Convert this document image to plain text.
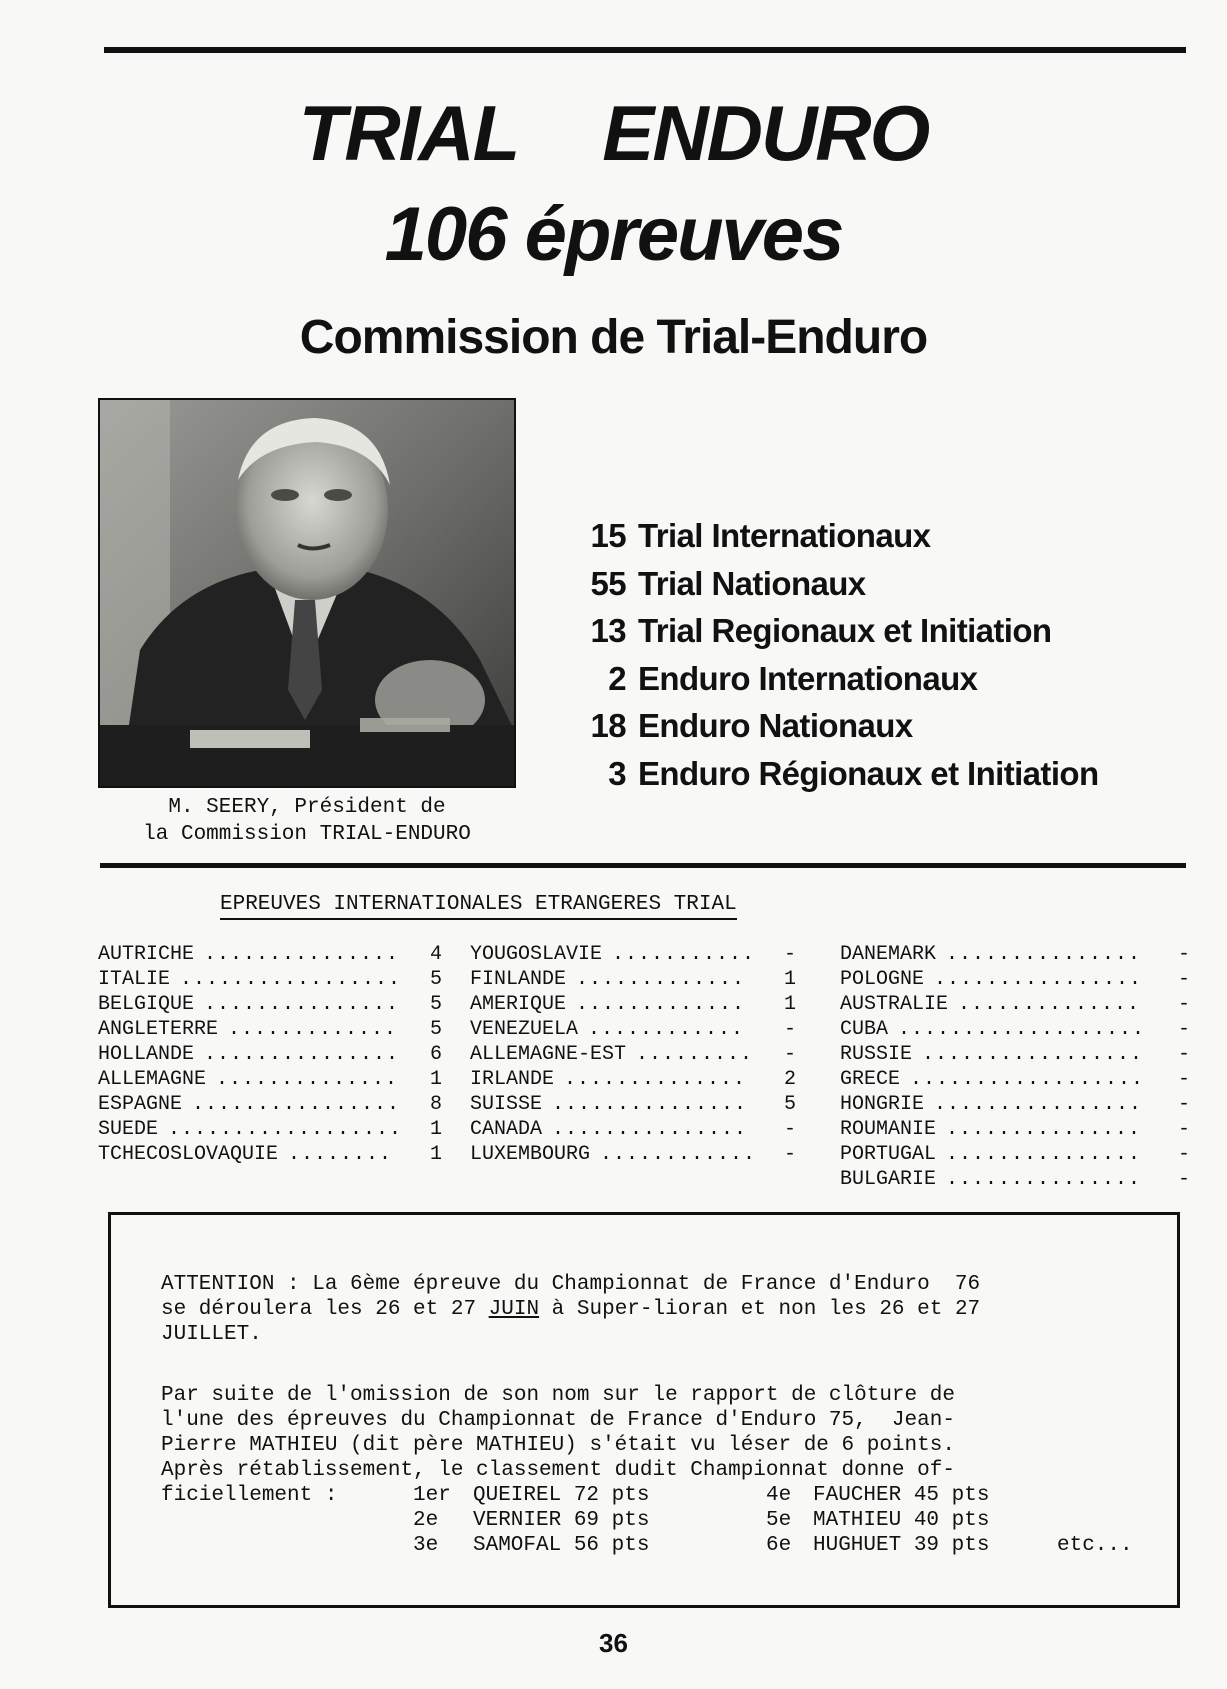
TRIAL ENDURO
106 épreuves
Commission de Trial-Enduro
M. SEERY, Président de
la Commission TRIAL-ENDURO
15 Trial Internationaux
55 Trial Nationaux
13 Trial Regionaux et Initiation
2 Enduro Internationaux
18 Enduro Nationaux
3 Enduro Régionaux et Initiation
EPREUVES INTERNATIONALES ETRANGERES TRIAL
AUTRICHE ............... 4
ITALIE ................. 5
BELGIQUE ............... 5
ANGLETERRE ............. 5
HOLLANDE ............... 6
ALLEMAGNE .............. 1
ESPAGNE ................ 8
SUEDE .................. 1
TCHECOSLOVAQUIE ........ 1
YOUGOSLAVIE ........... -
FINLANDE ............. 1
AMERIQUE ............. 1
VENEZUELA ............ -
ALLEMAGNE-EST ......... -
IRLANDE .............. 2
SUISSE ............... 5
CANADA ............... -
LUXEMBOURG ............ -
DANEMARK ............... -
POLOGNE ................ -
AUSTRALIE .............. -
CUBA ................... -
RUSSIE ................. -
GRECE .................. -
HONGRIE ................ -
ROUMANIE ............... -
PORTUGAL ............... -
BULGARIE ............... -
ATTENTION : La 6ème épreuve du Championnat de France d'Enduro  76
se déroulera les 26 et 27 JUIN à Super-lioran et non les 26 et 27
JUILLET.
Par suite de l'omission de son nom sur le rapport de clôture de
l'une des épreuves du Championnat de France d'Enduro 75,  Jean-
Pierre MATHIEU (dit père MATHIEU) s'était vu léser de 6 points.
Après rétablissement, le classement dudit Championnat donne of-
ficiellement :	1er QUEIREL 72 pts
2e VERNIER 69 pts
3e SAMOFAL 56 pts
4e FAUCHER 45 pts
5e MATHIEU 40 pts
6e HUGHUET 39 pts	etc...
36
